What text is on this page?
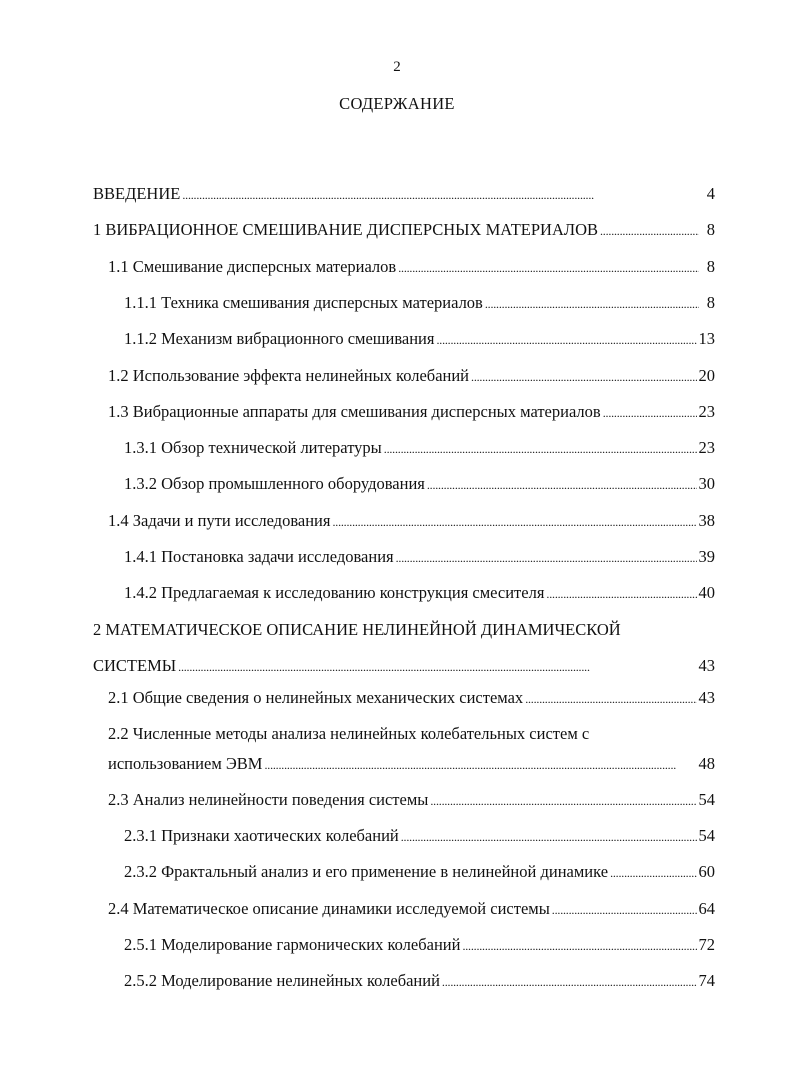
2
СОДЕРЖАНИЕ
ВВЕДЕНИЕ . . .	4
1 ВИБРАЦИОННОЕ СМЕШИВАНИЕ ДИСПЕРСНЫХ МАТЕРИАЛОВ . . .	8
1.1 Смешивание дисперсных материалов . . .	8
1.1.1 Техника смешивания дисперсных материалов . . .	8
1.1.2 Механизм вибрационного смешивания . . .	13
1.2 Использование эффекта нелинейных колебаний . . .	20
1.3 Вибрационные аппараты для смешивания дисперсных материалов . . .	23
1.3.1 Обзор технической литературы . . .	23
1.3.2 Обзор промышленного оборудования . . .	30
1.4 Задачи и пути исследования . . .	38
1.4.1 Постановка задачи исследования . . .	39
1.4.2 Предлагаемая к исследованию конструкция смесителя . . .	40
2 МАТЕМАТИЧЕСКОЕ ОПИСАНИЕ НЕЛИНЕЙНОЙ ДИНАМИЧЕСКОЙ
СИСТЕМЫ . . .	43
2.1 Общие сведения о нелинейных механических системах . . .	43
2.2 Численные методы анализа нелинейных колебательных систем с
использованием ЭВМ . . .	48
2.3 Анализ нелинейности поведения системы . . .	54
2.3.1 Признаки хаотических колебаний . . .	54
2.3.2 Фрактальный анализ и его применение в нелинейной динамике . . .	60
2.4 Математическое описание динамики исследуемой системы . . .	64
2.5.1 Моделирование гармонических колебаний . . .	72
2.5.2 Моделирование нелинейных колебаний . . .	74
